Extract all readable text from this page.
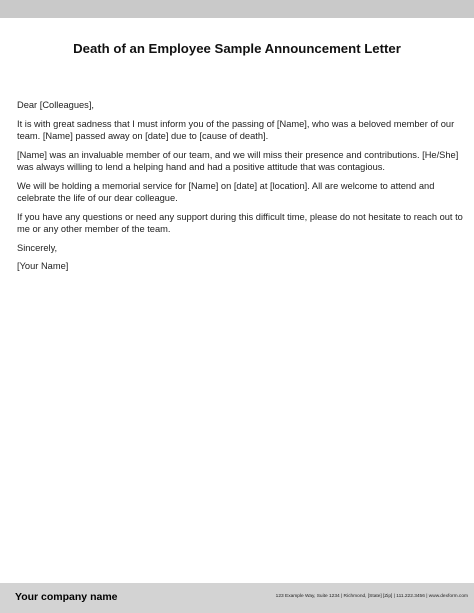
Death of an Employee Sample Announcement Letter

Dear [Colleagues],

It is with great sadness that I must inform you of the passing of [Name], who was a beloved member of our team. [Name] passed away on [date] due to [cause of death].

[Name] was an invaluable member of our team, and we will miss their presence and contributions. [He/She] was always willing to lend a helping hand and had a positive attitude that was contagious.

We will be holding a memorial service for [Name] on [date] at [location]. All are welcome to attend and celebrate the life of our dear colleague.

If you have any questions or need any support during this difficult time, please do not hesitate to reach out to me or any other member of the team.

Sincerely,

[Your Name]

Your company name	123 Example Way, Suite 1234 | Richmond, [State] [Zip] | 111.222.3456 | www.dexform.com
